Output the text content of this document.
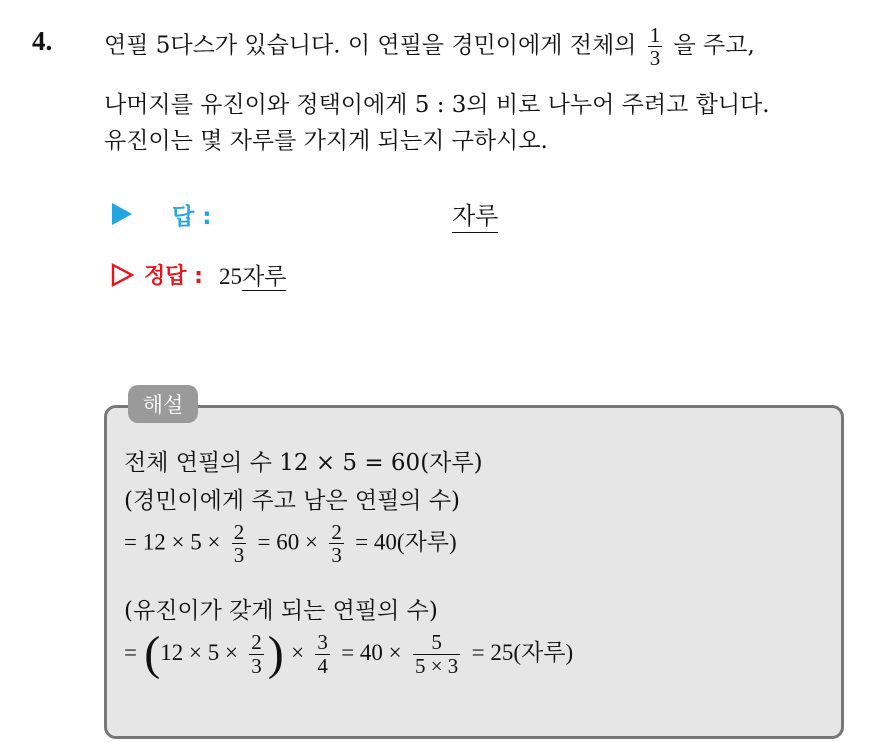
4. 연필 5다스가 있습니다. 이 연필을 경민이에게 전체의 $\frac{1}{3}$ 을 주고,
나머지를 유진이와 정택이에게 5 : 3의 비로 나누어 주려고 합니다.
유진이는 몇 자루를 가지게 되는지 구하시오.
답 :	자루
정답 : 25자루
해설
전체 연필의 수 12 × 5 = 60(자루)
(경민이에게 주고 남은 연필의 수)
= $12 \times 5 \times \frac{2}{3} = 60 \times \frac{2}{3} = 40$(자루)
(유진이가 갖게 되는 연필의 수)
= ($12 \times 5 \times \frac{2}{3}$ ) × $\frac{3}{4} = 40 \times \frac{5}{5 \times 3} = 25$(자루)
